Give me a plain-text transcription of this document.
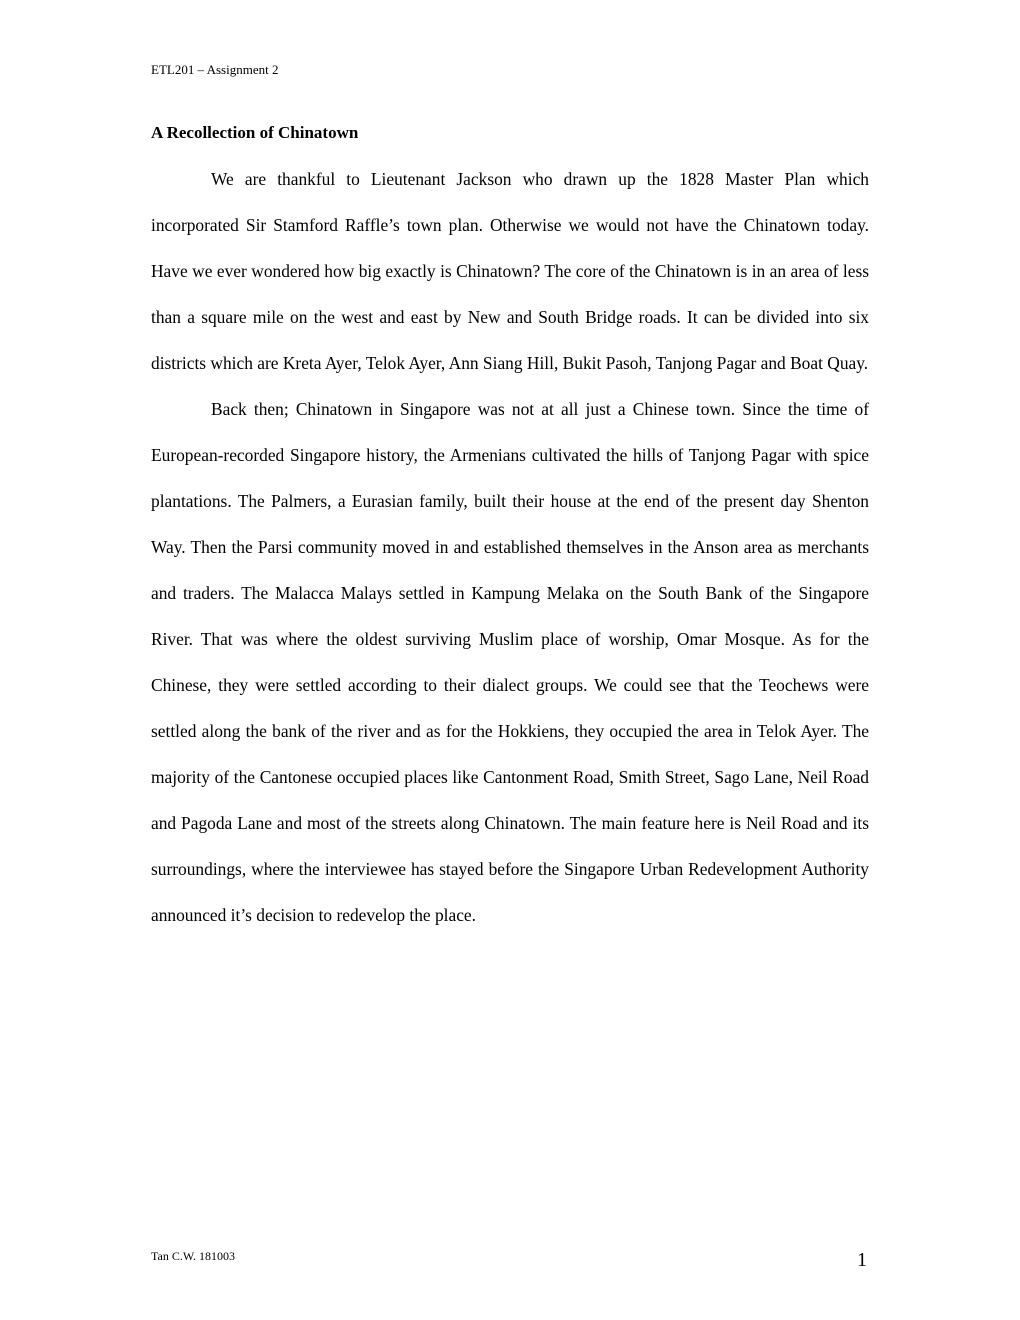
ETL201 – Assignment 2
A Recollection of Chinatown

We are thankful to Lieutenant Jackson who drawn up the 1828 Master Plan which incorporated Sir Stamford Raffle’s town plan. Otherwise we would not have the Chinatown today. Have we ever wondered how big exactly is Chinatown? The core of the Chinatown is in an area of less than a square mile on the west and east by New and South Bridge roads. It can be divided into six districts which are Kreta Ayer, Telok Ayer, Ann Siang Hill, Bukit Pasoh, Tanjong Pagar and Boat Quay.

Back then; Chinatown in Singapore was not at all just a Chinese town. Since the time of European-recorded Singapore history, the Armenians cultivated the hills of Tanjong Pagar with spice plantations. The Palmers, a Eurasian family, built their house at the end of the present day Shenton Way. Then the Parsi community moved in and established themselves in the Anson area as merchants and traders. The Malacca Malays settled in Kampung Melaka on the South Bank of the Singapore River. That was where the oldest surviving Muslim place of worship, Omar Mosque. As for the Chinese, they were settled according to their dialect groups. We could see that the Teochews were settled along the bank of the river and as for the Hokkiens, they occupied the area in Telok Ayer. The majority of the Cantonese occupied places like Cantonment Road, Smith Street, Sago Lane, Neil Road and Pagoda Lane and most of the streets along Chinatown. The main feature here is Neil Road and its surroundings, where the interviewee has stayed before the Singapore Urban Redevelopment Authority announced it’s decision to redevelop the place.

Tan C.W. 181003	1
